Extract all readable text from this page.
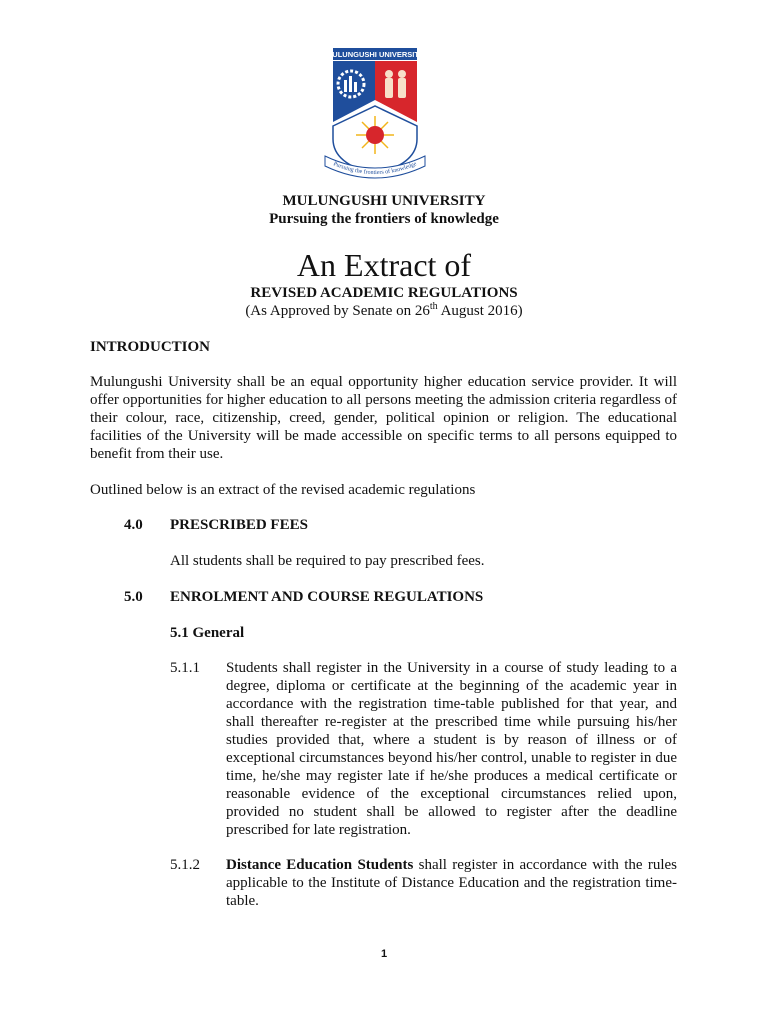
MULUNGUSHI UNIVERSITY
Pursuing the frontiers of knowledge
MULUNGUSHI UNIVERSITY
Pursuing the frontiers of knowledge
An Extract of
REVISED ACADEMIC REGULATIONS
(As Approved by Senate on 26th August 2016)
INTRODUCTION
Mulungushi University shall be an equal opportunity higher education service provider. It will offer opportunities for higher education to all persons meeting the admission criteria regardless of their colour, race, citizenship, creed, gender, political opinion or religion. The educational facilities of the University will be made accessible on specific terms to all persons equipped to benefit from their use.
Outlined below is an extract of the revised academic regulations
4.0 PRESCRIBED FEES
All students shall be required to pay prescribed fees.
5.0 ENROLMENT AND COURSE REGULATIONS
5.1 General
5.1.1 Students shall register in the University in a course of study leading to a degree, diploma or certificate at the beginning of the academic year in accordance with the registration time-table published for that year, and shall thereafter re-register at the prescribed time while pursuing his/her studies provided that, where a student is by reason of illness or of exceptional circumstances beyond his/her control, unable to register in due time, he/she may register late if he/she produces a medical certificate or reasonable evidence of the exceptional circumstances relied upon, provided no student shall be allowed to register after the deadline prescribed for late registration.
5.1.2 Distance Education Students shall register in accordance with the rules applicable to the Institute of Distance Education and the registration time-table.
1
